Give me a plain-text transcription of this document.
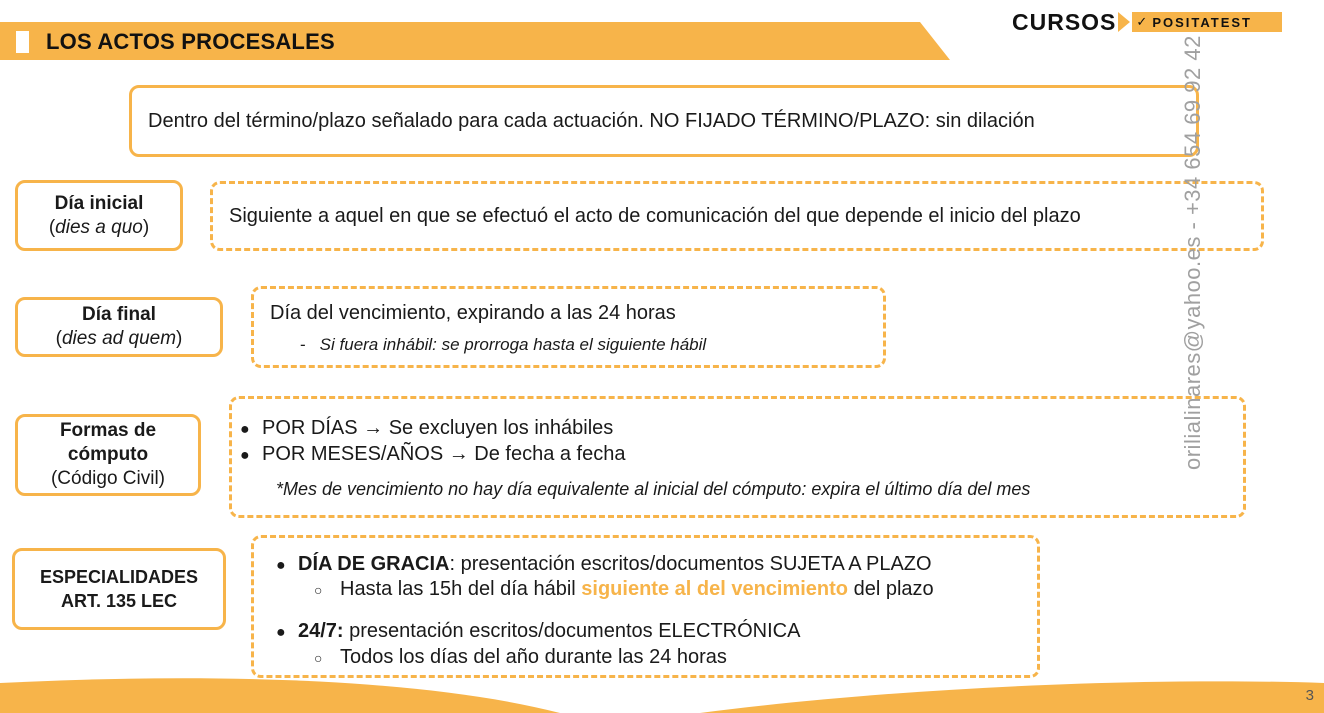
LOS ACTOS PROCESALES
CURSOS ✓ POSITATEST
Dentro del término/plazo señalado para cada actuación. NO FIJADO TÉRMINO/PLAZO: sin dilación
Día inicial
(dies a quo)
Siguiente a aquel en que se efectuó el acto de comunicación del que depende el inicio del plazo
Día final
(dies ad quem)
Día del vencimiento, expirando a las 24 horas
- Si fuera inhábil: se prorroga hasta el siguiente hábil
Formas de
cómputo
(Código Civil)
● POR DÍAS → Se excluyen los inhábiles
● POR MESES/AÑOS → De fecha a fecha
*Mes de vencimiento no hay día equivalente al inicial del cómputo: expira el último día del mes
ESPECIALIDADES
ART. 135 LEC
● DÍA DE GRACIA: presentación escritos/documentos SUJETA A PLAZO
○ Hasta las 15h del día hábil siguiente al del vencimiento del plazo
● 24/7: presentación escritos/documentos ELECTRÓNICA
○ Todos los días del año durante las 24 horas
orilialinares@yahoo.es - +34 654 69 92 42
3
